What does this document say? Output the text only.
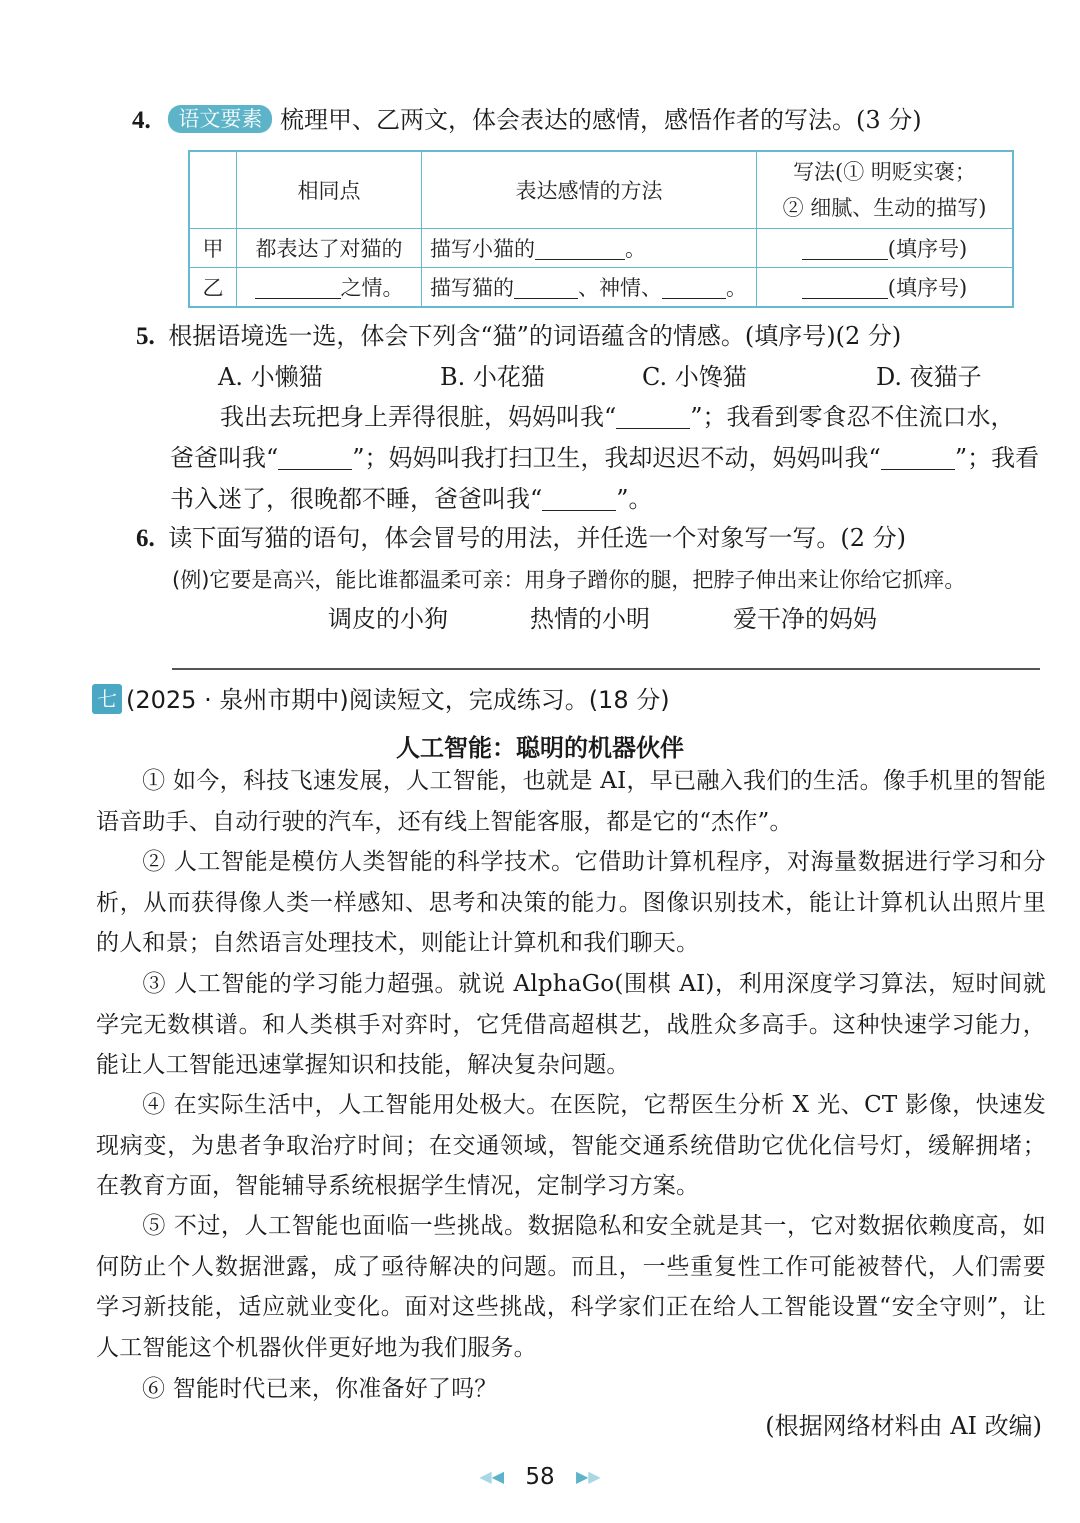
4. 语文要素 梳理甲、乙两文，体会表达的感情，感悟作者的写法。(3 分)
	相同点	表达感情的方法	写法(① 明贬实褒；
② 细腻、生动的描写)

甲	都表达了对猫的	描写小猫的 。	(填序号)
乙	之情。	描写猫的 、神情、 。	(填序号)
5. 根据语境选一选，体会下列含“猫”的词语蕴含的情感。(填序号)(2 分)
A. 小懒猫	B. 小花猫	C. 小馋猫	D. 夜猫子
我出去玩把身上弄得很脏，妈妈叫我“	”；我看到零食忍不住流口水，
爸爸叫我“	”；妈妈叫我打扫卫生，我却迟迟不动，妈妈叫我“	”；我看
书入迷了，很晚都不睡，爸爸叫我“	”。
6. 读下面写猫的语句，体会冒号的用法，并任选一个对象写一写。(2 分)
(例)它要是高兴，能比谁都温柔可亲：用身子蹭你的腿，把脖子伸出来让你给它抓痒。
调皮的小狗	热情的小明	爱干净的妈妈
七 (2025 · 泉州市期中)阅读短文，完成练习。(18 分)
人工智能：聪明的机器伙伴
① 如今，科技飞速发展，人工智能，也就是 AI，早已融入我们的生活。像手机里的智能语音助手、自动行驶的汽车，还有线上智能客服，都是它的“杰作”。
② 人工智能是模仿人类智能的科学技术。它借助计算机程序，对海量数据进行学习和分析，从而获得像人类一样感知、思考和决策的能力。图像识别技术，能让计算机认出照片里的人和景；自然语言处理技术，则能让计算机和我们聊天。
③ 人工智能的学习能力超强。就说 AlphaGo(围棋 AI)，利用深度学习算法，短时间就学完无数棋谱。和人类棋手对弈时，它凭借高超棋艺，战胜众多高手。这种快速学习能力，能让人工智能迅速掌握知识和技能，解决复杂问题。
④ 在实际生活中，人工智能用处极大。在医院，它帮医生分析 X 光、CT 影像，快速发现病变，为患者争取治疗时间；在交通领域，智能交通系统借助它优化信号灯，缓解拥堵；在教育方面，智能辅导系统根据学生情况，定制学习方案。
⑤ 不过，人工智能也面临一些挑战。数据隐私和安全就是其一，它对数据依赖度高，如何防止个人数据泄露，成了亟待解决的问题。而且，一些重复性工作可能被替代，人们需要学习新技能，适应就业变化。面对这些挑战，科学家们正在给人工智能设置“安全守则”，让人工智能这个机器伙伴更好地为我们服务。
⑥ 智能时代已来，你准备好了吗？
(根据网络材料由 AI 改编)
◀◀ 58 ▶▶
